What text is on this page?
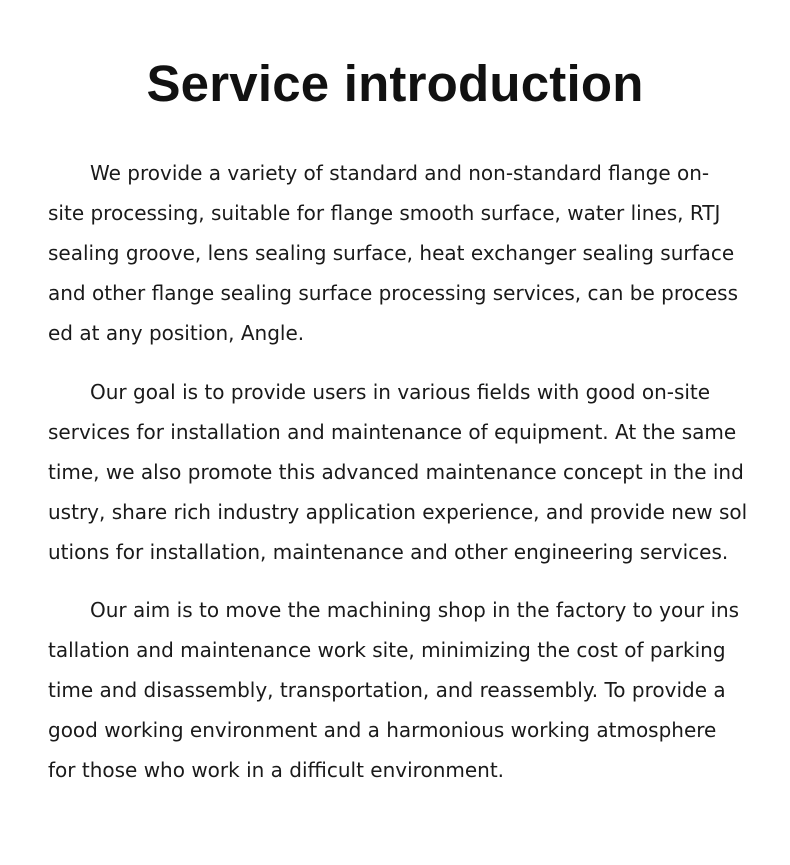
Service introduction
We provide a variety of standard and non-standard flange on-
site processing, suitable for flange smooth surface, water lines, RTJ
sealing groove, lens sealing surface, heat exchanger sealing surface
and other flange sealing surface processing services, can be process
ed at any position, Angle.
Our goal is to provide users in various fields with good on-site
services for installation and maintenance of equipment. At the same
time, we also promote this advanced maintenance concept in the ind
ustry, share rich industry application experience, and provide new sol
utions for installation, maintenance and other engineering services.
Our aim is to move the machining shop in the factory to your ins
tallation and maintenance work site, minimizing the cost of parking
time and disassembly, transportation, and reassembly. To provide a
good working environment and a harmonious working atmosphere
for those who work in a difficult environment.
